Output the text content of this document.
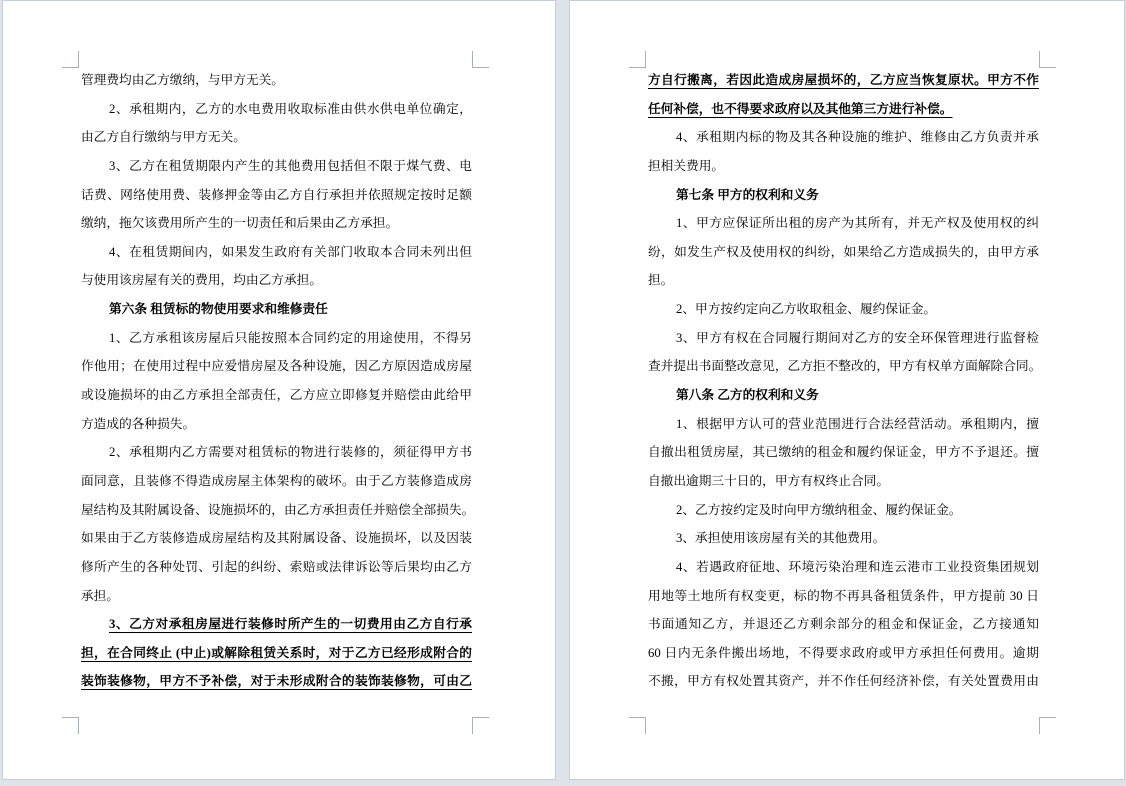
管理费均由乙方缴纳，与甲方无关。
2、承租期内，乙方的水电费用收取标准由供水供电单位确定，
由乙方自行缴纳与甲方无关。
3、乙方在租赁期限内产生的其他费用包括但不限于煤气费、电
话费、网络使用费、装修押金等由乙方自行承担并依照规定按时足额
缴纳，拖欠该费用所产生的一切责任和后果由乙方承担。
4、在租赁期间内，如果发生政府有关部门收取本合同未列出但
与使用该房屋有关的费用，均由乙方承担。
第六条 租赁标的物使用要求和维修责任
1、乙方承租该房屋后只能按照本合同约定的用途使用，不得另
作他用；在使用过程中应爱惜房屋及各种设施，因乙方原因造成房屋
或设施损坏的由乙方承担全部责任，乙方应立即修复并赔偿由此给甲
方造成的各种损失。
2、承租期内乙方需要对租赁标的物进行装修的，须征得甲方书
面同意，且装修不得造成房屋主体架构的破坏。由于乙方装修造成房
屋结构及其附属设备、设施损坏的，由乙方承担责任并赔偿全部损失。
如果由于乙方装修造成房屋结构及其附属设备、设施损坏，以及因装
修所产生的各种处罚、引起的纠纷、索赔或法律诉讼等后果均由乙方
承担。
3、乙方对承租房屋进行装修时所产生的一切费用由乙方自行承
担，在合同终止 (中止)或解除租赁关系时，对于乙方已经形成附合的
装饰装修物，甲方不予补偿，对于未形成附合的装饰装修物，可由乙
方自行搬离，若因此造成房屋损坏的，乙方应当恢复原状。甲方不作
任何补偿，也不得要求政府以及其他第三方进行补偿。
4、承租期内标的物及其各种设施的维护、维修由乙方负责并承
担相关费用。
第七条 甲方的权利和义务
1、甲方应保证所出租的房产为其所有，并无产权及使用权的纠
纷，如发生产权及使用权的纠纷，如果给乙方造成损失的，由甲方承
担。
2、甲方按约定向乙方收取租金、履约保证金。
3、甲方有权在合同履行期间对乙方的安全环保管理进行监督检
查并提出书面整改意见，乙方拒不整改的，甲方有权单方面解除合同。
第八条 乙方的权利和义务
1、根据甲方认可的营业范围进行合法经营活动。承租期内，擅
自撤出租赁房屋，其已缴纳的租金和履约保证金，甲方不予退还。擅
自撤出逾期三十日的，甲方有权终止合同。
2、乙方按约定及时向甲方缴纳租金、履约保证金。
3、承担使用该房屋有关的其他费用。
4、若遇政府征地、环境污染治理和连云港市工业投资集团规划
用地等土地所有权变更，标的物不再具备租赁条件，甲方提前 30 日
书面通知乙方，并退还乙方剩余部分的租金和保证金，乙方接通知
60 日内无条件搬出场地，不得要求政府或甲方承担任何费用。逾期
不搬，甲方有权处置其资产，并不作任何经济补偿，有关处置费用由
